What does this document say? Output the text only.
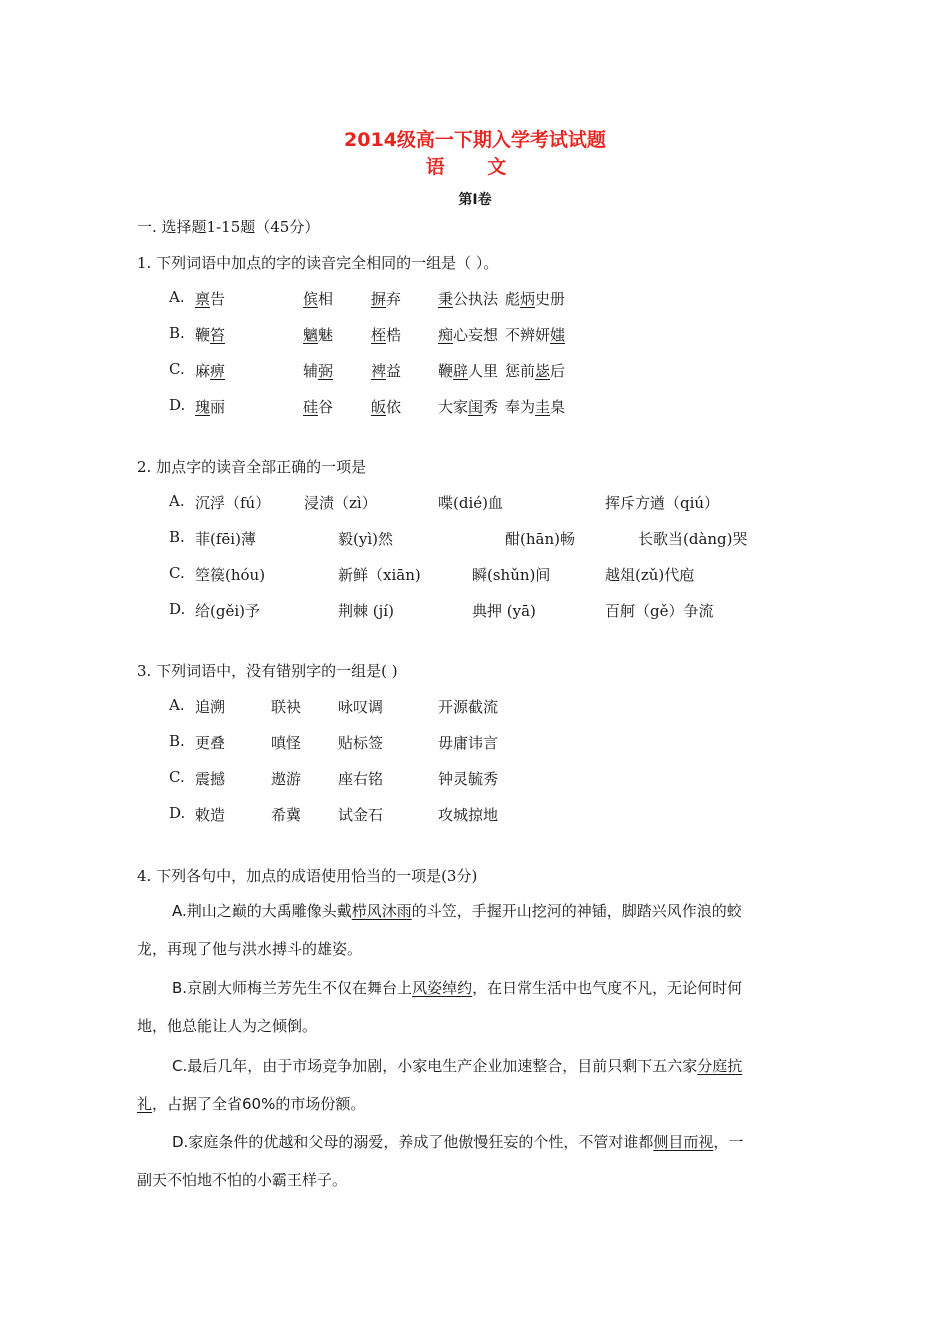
2014级高一下期入学考试试题
语 文
第Ⅰ卷
一. 选择题1-15题（45分）
1. 下列词语中加点的字的读音完全相同的一组是（ ）。
A. 禀告	傧相	摒弃 秉公执法 彪炳史册
B. 鞭笞	魑魅	桎梏 痴心妄想 不辨妍媸
C. 麻痹	辅弼	裨益 鞭辟人里 惩前毖后
D. 瑰丽	硅谷	皈依 大家闺秀 奉为圭臬
2. 加点字的读音全部正确的一项是
A. 沉浮（fú） 浸渍（zì）	喋(dié)血	挥斥方遒（qiú）
B. 菲(fēi)薄	毅(yì)然	酣(hān)畅	长歌当(dàng)哭
C. 箜篌(hóu)	新鲜（xiān)	瞬(shǔn)间	越俎(zǔ)代庖
D. 给(gěi)予	荆棘 (jí)	典押 (yā)	百舸（gě）争流
3. 下列词语中，没有错别字的一组是( )
A. 追溯	联袂 咏叹调	开源截流
B. 更叠	嗔怪 贴标签	毋庸讳言
C. 震撼	遨游 座右铭	钟灵毓秀
D. 敕造	希冀 试金石	攻城掠地
4. 下列各句中，加点的成语使用恰当的一项是(3分)
A.荆山之巅的大禹雕像头戴栉风沐雨的斗笠，手握开山挖河的神锸，脚踏兴风作浪的蛟
龙，再现了他与洪水搏斗的雄姿。
B.京剧大师梅兰芳先生不仅在舞台上风姿绰约，在日常生活中也气度不凡，无论何时何
地，他总能让人为之倾倒。
C.最后几年，由于市场竞争加剧，小家电生产企业加速整合，目前只剩下五六家分庭抗
礼，占据了全省60%的市场份额。
D.家庭条件的优越和父母的溺爱，养成了他傲慢狂妄的个性，不管对谁都侧目而视，一
副天不怕地不怕的小霸王样子。
